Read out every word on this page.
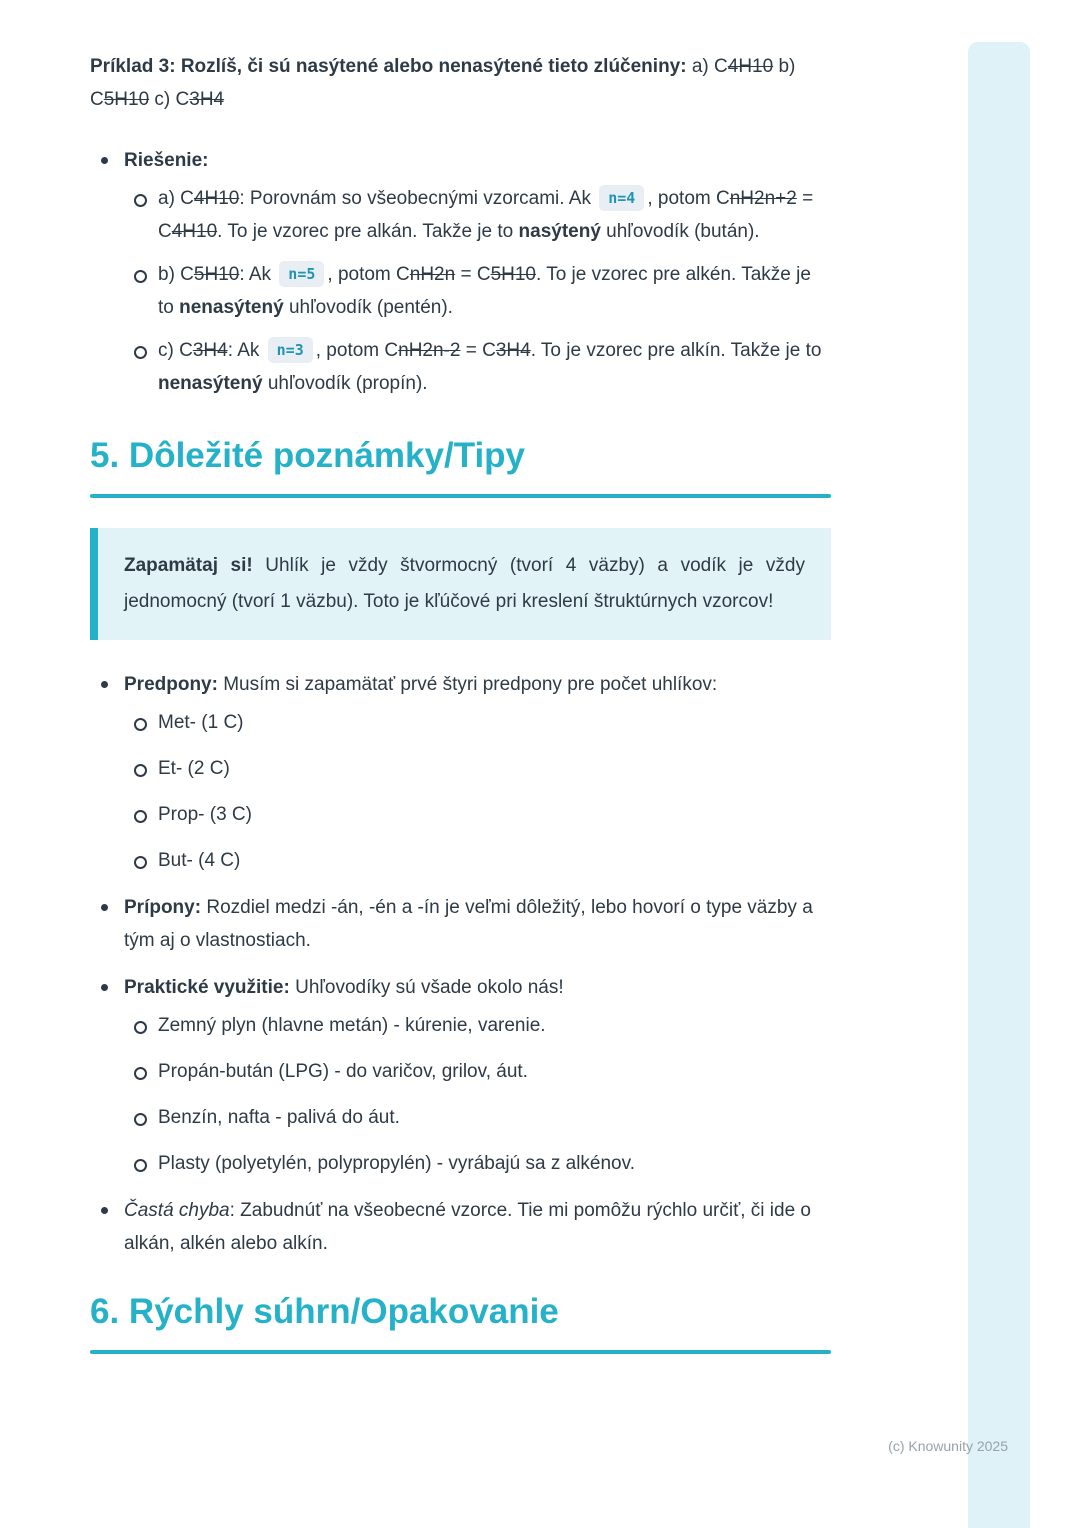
Príklad 3: Rozlíš, či sú nasýtené alebo nenasýtené tieto zlúčeniny: a) C4H10 b) C5H10 c) C3H4

Riešenie:
a) C4H10: Porovnám so všeobecnými vzorcami. Ak n=4 , potom CnH2n+2 = C4H10. To je vzorec pre alkán. Takže je to nasýtený uhľovodík (bután).
b) C5H10: Ak n=5 , potom CnH2n = C5H10. To je vzorec pre alkén. Takže je to nenasýtený uhľovodík (pentén).
c) C3H4: Ak n=3 , potom CnH2n-2 = C3H4. To je vzorec pre alkín. Takže je to nenasýtený uhľovodík (propín).
5. Dôležité poznámky/Tipy

Zapamätaj si! Uhlík je vždy štvormocný (tvorí 4 väzby) a vodík je vždy jednomocný (tvorí 1 väzbu). Toto je kľúčové pri kreslení štruktúrnych vzorcov!

Predpony: Musím si zapamätať prvé štyri predpony pre počet uhlíkov:
Met- (1 C)
Et- (2 C)
Prop- (3 C)
But- (4 C)
Prípony: Rozdiel medzi -án, -én a -ín je veľmi dôležitý, lebo hovorí o type väzby a tým aj o vlastnostiach.
Praktické využitie: Uhľovodíky sú všade okolo nás!
Zemný plyn (hlavne metán) - kúrenie, varenie.
Propán-bután (LPG) - do varičov, grilov, áut.
Benzín, nafta - palivá do áut.
Plasty (polyetylén, polypropylén) - vyrábajú sa z alkénov.
Častá chyba: Zabudnúť na všeobecné vzorce. Tie mi pomôžu rýchlo určiť, či ide o alkán, alkén alebo alkín.
6. Rýchly súhrn/Opakovanie
(c) Knowunity 2025
